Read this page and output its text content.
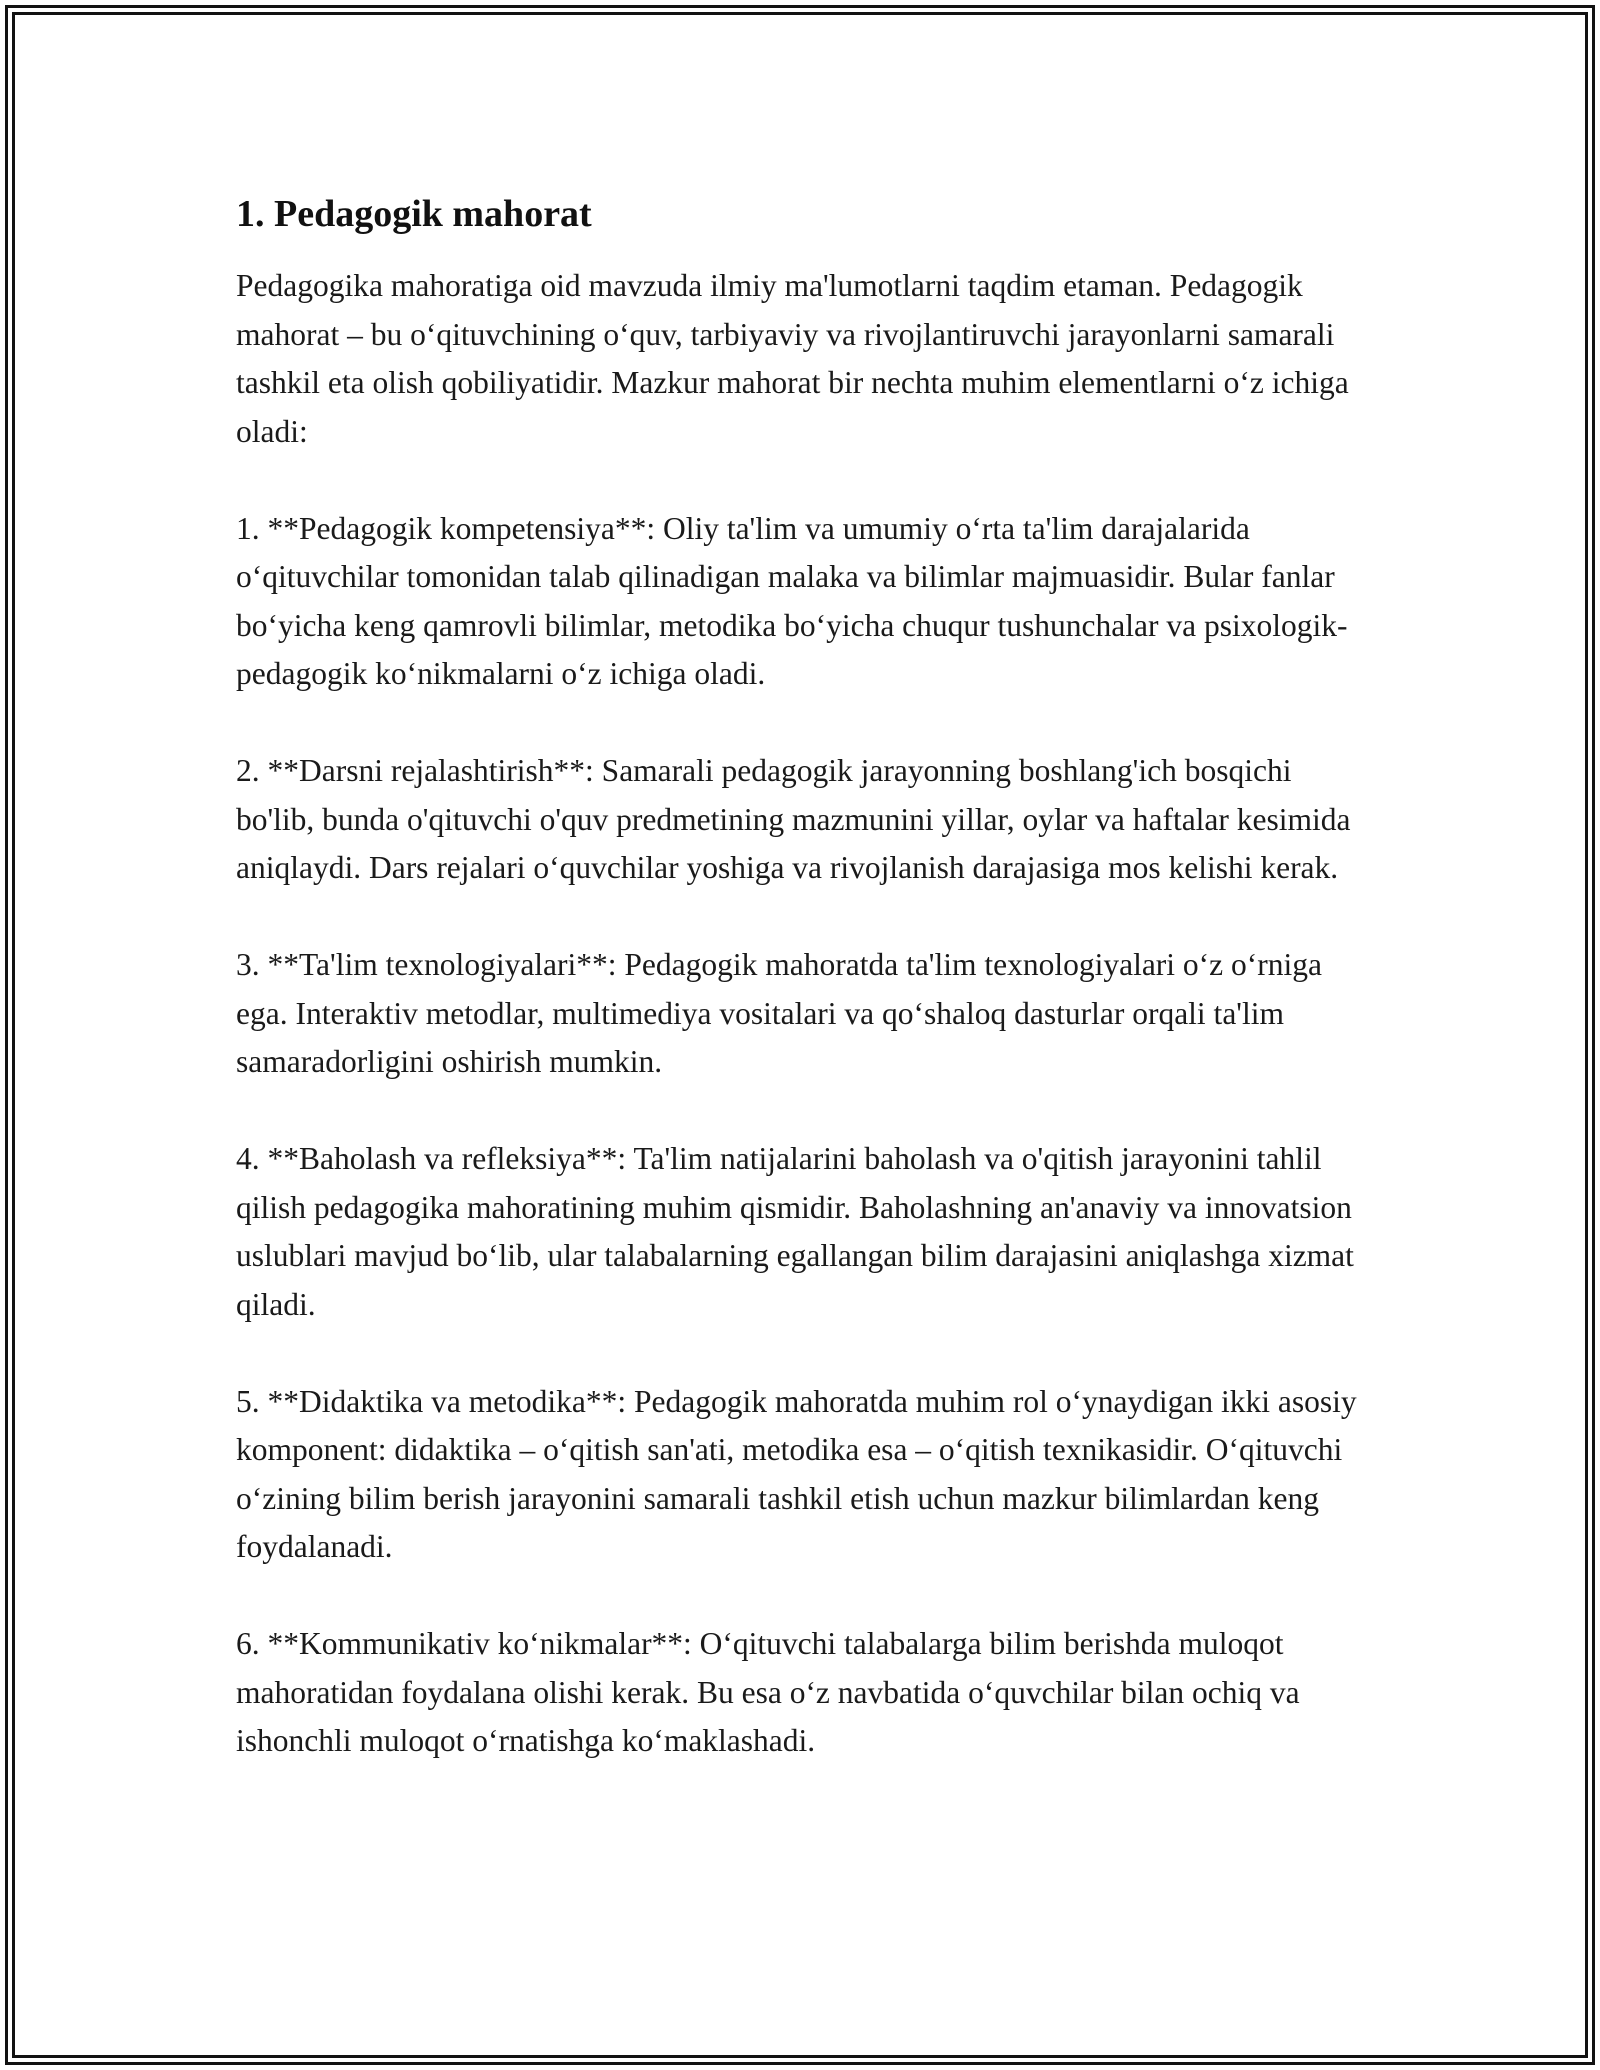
1. Pedagogik mahorat

Pedagogika mahoratiga oid mavzuda ilmiy ma'lumotlarni taqdim etaman. Pedagogik mahorat – bu o‘qituvchining o‘quv, tarbiyaviy va rivojlantiruvchi jarayonlarni samarali tashkil eta olish qobiliyatidir. Mazkur mahorat bir nechta muhim elementlarni o‘z ichiga oladi:

1. **Pedagogik kompetensiya**: Oliy ta'lim va umumiy o‘rta ta'lim darajalarida o‘qituvchilar tomonidan talab qilinadigan malaka va bilimlar majmuasidir. Bular fanlar bo‘yicha keng qamrovli bilimlar, metodika bo‘yicha chuqur tushunchalar va psixologik-pedagogik ko‘nikmalarni o‘z ichiga oladi.

2. **Darsni rejalashtirish**: Samarali pedagogik jarayonning boshlang'ich bosqichi bo'lib, bunda o'qituvchi o'quv predmetining mazmunini yillar, oylar va haftalar kesimida aniqlaydi. Dars rejalari o‘quvchilar yoshiga va rivojlanish darajasiga mos kelishi kerak.

3. **Ta'lim texnologiyalari**: Pedagogik mahoratda ta'lim texnologiyalari o‘z o‘rniga ega. Interaktiv metodlar, multimediya vositalari va qo‘shaloq dasturlar orqali ta'lim samaradorligini oshirish mumkin.

4. **Baholash va refleksiya**: Ta'lim natijalarini baholash va o'qitish jarayonini tahlil qilish pedagogika mahoratining muhim qismidir. Baholashning an'anaviy va innovatsion uslublari mavjud bo‘lib, ular talabalarning egallangan bilim darajasini aniqlashga xizmat qiladi.

5. **Didaktika va metodika**: Pedagogik mahoratda muhim rol o‘ynaydigan ikki asosiy komponent: didaktika – o‘qitish san'ati, metodika esa – o‘qitish texnikasidir. O‘qituvchi o‘zining bilim berish jarayonini samarali tashkil etish uchun mazkur bilimlardan keng foydalanadi.

6. **Kommunikativ ko‘nikmalar**: O‘qituvchi talabalarga bilim berishda muloqot mahoratidan foydalana olishi kerak. Bu esa o‘z navbatida o‘quvchilar bilan ochiq va ishonchli muloqot o‘rnatishga ko‘maklashadi.
